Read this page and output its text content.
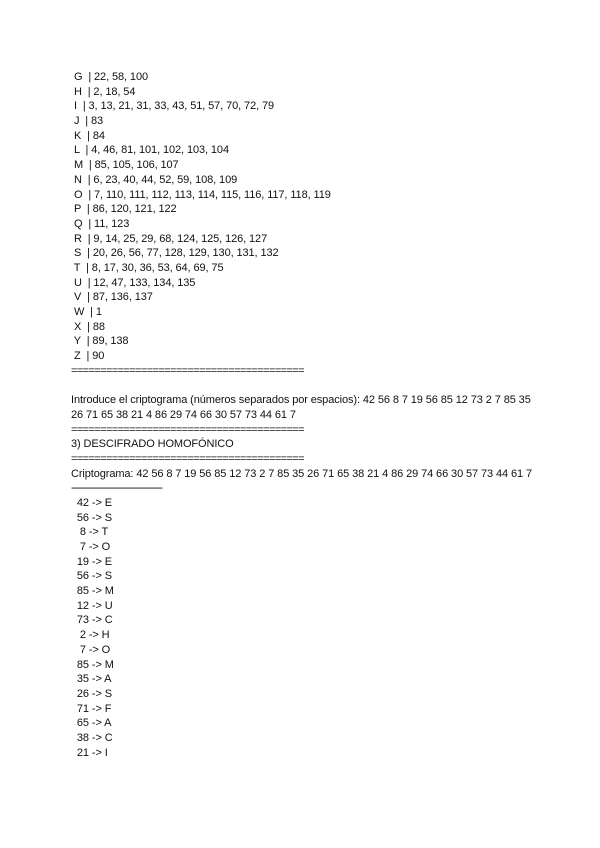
G  | 22, 58, 100
H  | 2, 18, 54
I  | 3, 13, 21, 31, 33, 43, 51, 57, 70, 72, 79
J  | 83
K  | 84
L  | 4, 46, 81, 101, 102, 103, 104
M  | 85, 105, 106, 107
N  | 6, 23, 40, 44, 52, 59, 108, 109
O  | 7, 110, 111, 112, 113, 114, 115, 116, 117, 118, 119
P  | 86, 120, 121, 122
Q  | 11, 123
R  | 9, 14, 25, 29, 68, 124, 125, 126, 127
S  | 20, 26, 56, 77, 128, 129, 130, 131, 132
T  | 8, 17, 30, 36, 53, 64, 69, 75
U  | 12, 47, 133, 134, 135
V  | 87, 136, 137
W  | 1
X  | 88
Y  | 89, 138
Z  | 90
========================================
Introduce el criptograma (números separados por espacios): 42 56 8 7 19 56 85 12 73 2 7 85 35 26 71 65 38 21 4 86 29 74 66 30 57 73 44 61 7
========================================
3) DESCIFRADO HOMOFÓNICO
========================================
Criptograma: 42 56 8 7 19 56 85 12 73 2 7 85 35 26 71 65 38 21 4 86 29 74 66 30 57 73 44 61 7
----------------------------------------
42 -> E
56 -> S
8 -> T
7 -> O
19 -> E
56 -> S
85 -> M
12 -> U
73 -> C
2 -> H
7 -> O
85 -> M
35 -> A
26 -> S
71 -> F
65 -> A
38 -> C
21 -> I
